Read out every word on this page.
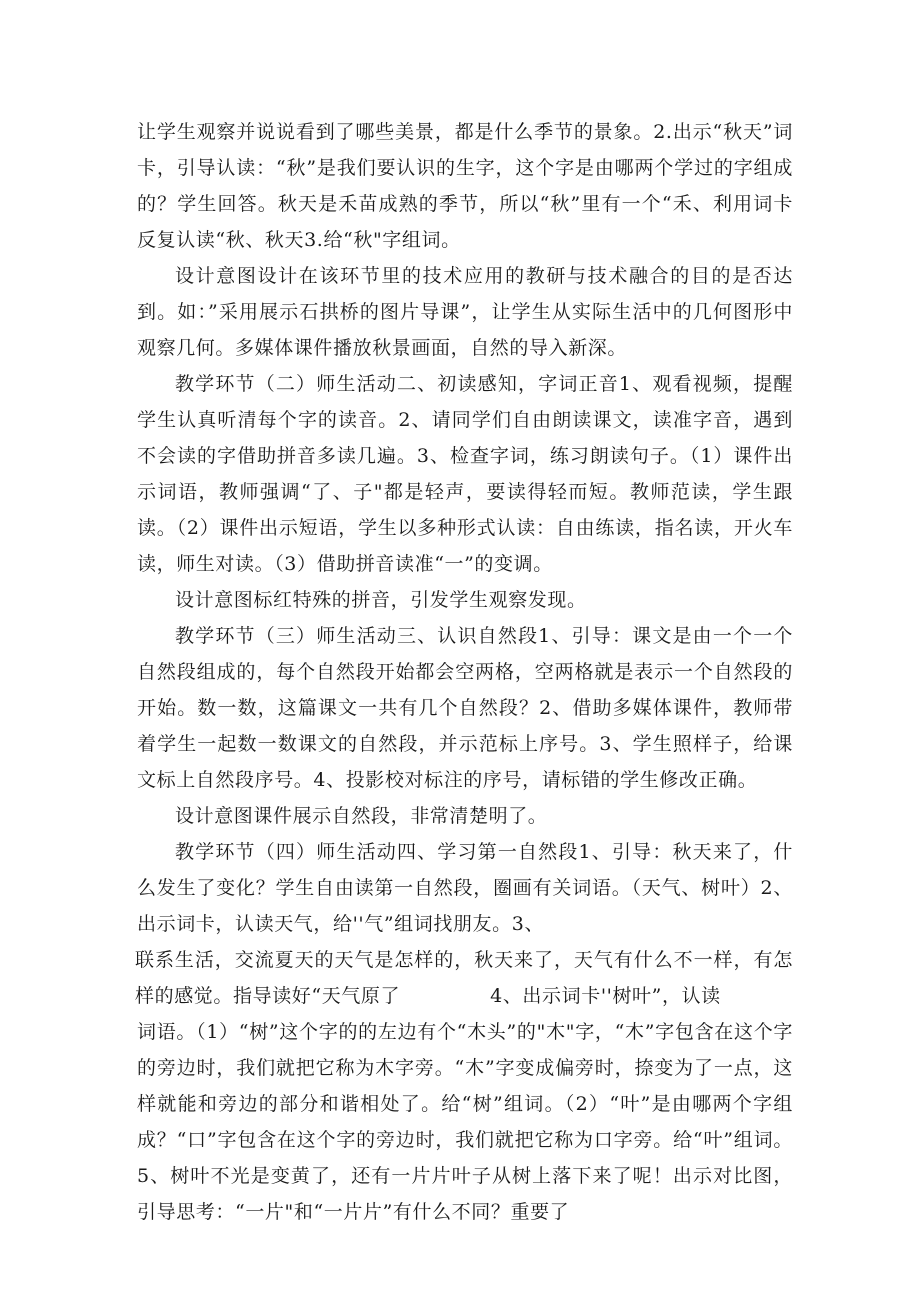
让学生观察并说说看到了哪些美景，都是什么季节的景象。2.出示“秋天”词卡，引导认读：“秋”是我们要认识的生字，这个字是由哪两个学过的字组成的？学生回答。秋天是禾苗成熟的季节，所以“秋”里有一个“禾、利用词卡反复认读“秋、秋天3.给“秋"字组词。

设计意图设计在该环节里的技术应用的教研与技术融合的目的是否达到。如：”采用展示石拱桥的图片导课”，让学生从实际生活中的几何图形中观察几何。多媒体课件播放秋景画面，自然的导入新深。

教学环节（二）师生活动二、初读感知，字词正音1、观看视频，提醒学生认真听清每个字的读音。2、请同学们自由朗读课文，读准字音，遇到不会读的字借助拼音多读几遍。3、检查字词，练习朗读句子。（1）课件出示词语，教师强调“了、子"都是轻声，要读得轻而短。教师范读，学生跟读。（2）课件出示短语，学生以多种形式认读：自由练读，指名读，开火车读，师生对读。（3）借助拼音读准“一”的变调。

设计意图标红特殊的拼音，引发学生观察发现。

教学环节（三）师生活动三、认识自然段1、引导：课文是由一个一个自然段组成的，每个自然段开始都会空两格，空两格就是表示一个自然段的开始。数一数，这篇课文一共有几个自然段？2、借助多媒体课件，教师带着学生一起数一数课文的自然段，并示范标上序号。3、学生照样子，给课文标上自然段序号。4、投影校对标注的序号，请标错的学生修改正确。

设计意图课件展示自然段，非常清楚明了。

教学环节（四）师生活动四、学习第一自然段1、引导：秋天来了，什么发生了变化？学生自由读第一自然段，圈画有关词语。（天气、树叶）2、出示词卡，认读天气，给''气”组词找朋友。3、

联系生活，交流夏天的天气是怎样的，秋天来了，天气有什么不一样，有怎样的感觉。指导读好“天气原了	4、出示词卡''树叶”，认读

词语。（1）“树”这个字的的左边有个“木头”的"木"字，“木”字包含在这个字的旁边时，我们就把它称为木字旁。“木”字变成偏旁时，捺变为了一点，这样就能和旁边的部分和谐相处了。给“树”组词。（2）“叶”是由哪两个字组成？“口”字包含在这个字的旁边时，我们就把它称为口字旁。给“叶”组词。5、树叶不光是变黄了，还有一片片叶子从树上落下来了呢！出示对比图，引导思考：“一片"和“一片片”有什么不同？重要了
